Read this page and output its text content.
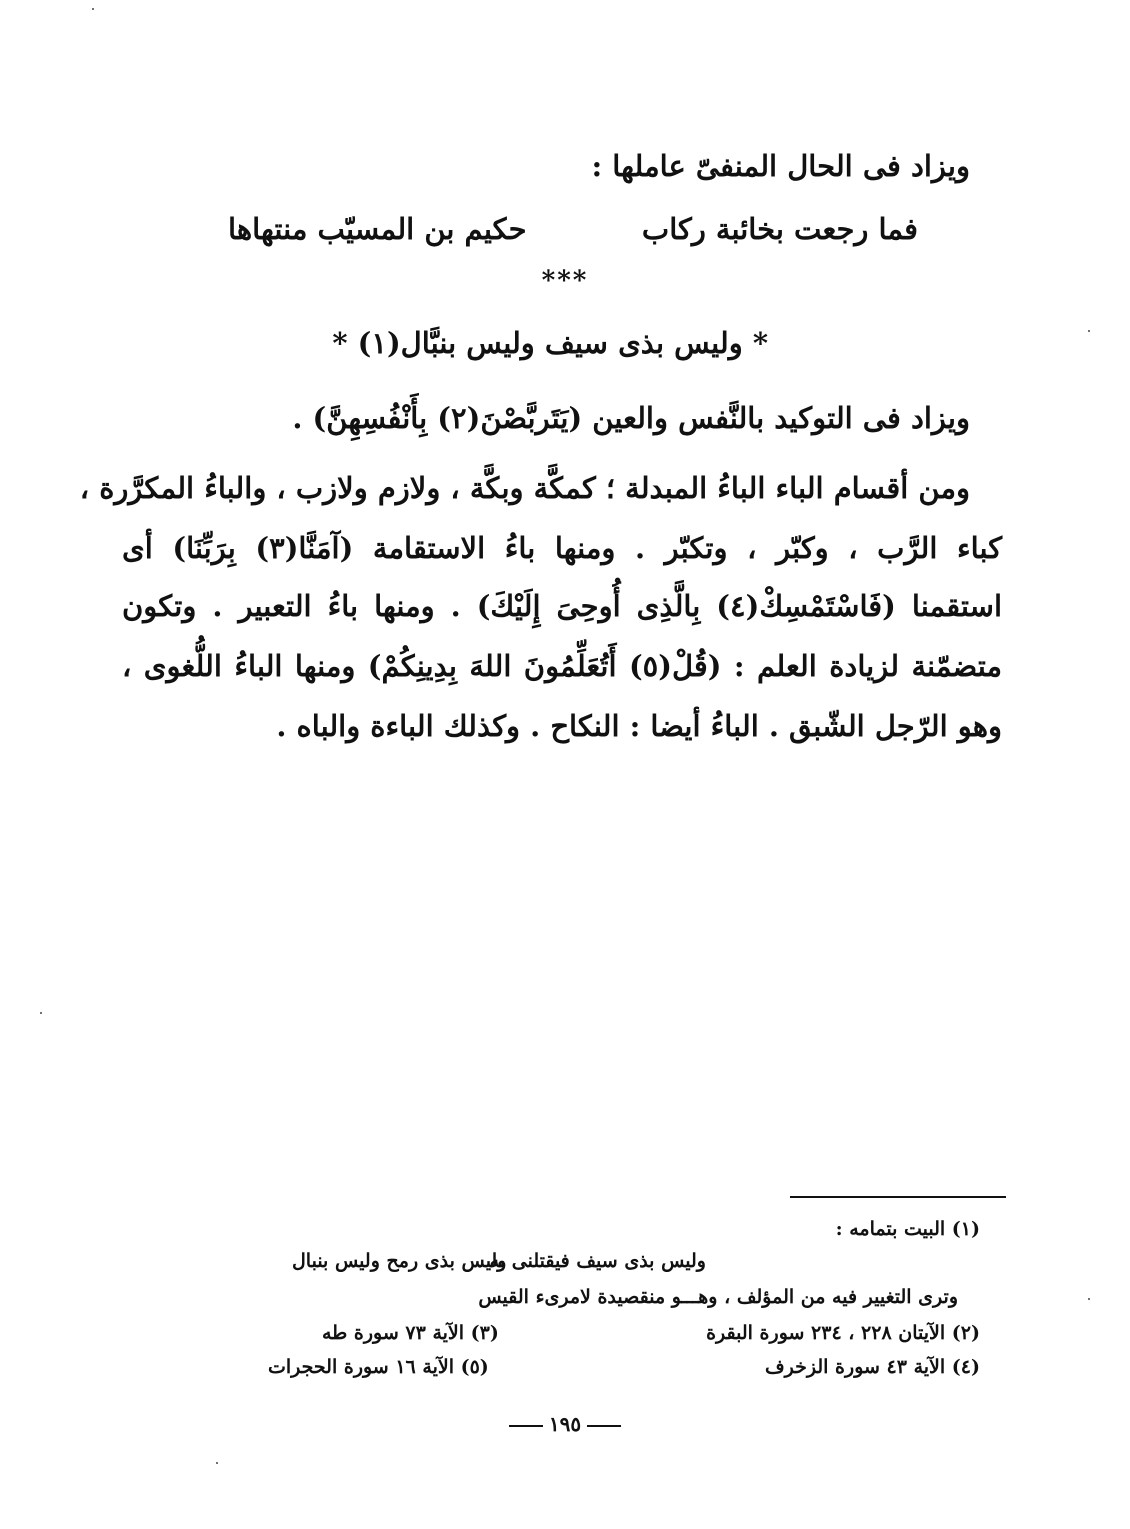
ويزاد فى الحال المنفىّ عاملها :
فما رجعت بخائبة ركاب
حكيم بن المسيّب منتهاها
***
* وليس بذى سيف وليس بنبَّال(١) *
ويزاد فى التوكيد بالنَّفس والعين (يَتَربَّصْنَ(٢) بِأَنْفُسِهِنَّ) .
ومن أقسام الباء الباءُ المبدلة ؛ كمكَّة وبكَّة ، ولازم ولازب ، والباءُ المكرَّرة ،
كباء الرَّب ، وكبّر ، وتكبّر . ومنها باءُ الاستقامة (آمَنَّا(٣) بِرَبِّنَا) أى
استقمنا (فَاسْتَمْسِكْ(٤) بِالَّذِى أُوحِىَ إِلَيْكَ) . ومنها باءُ التعبير . وتكون
متضمّنة لزيادة العلم : (قُلْ(٥) أَتُعَلِّمُونَ اللهَ بِدِينِكُمْ) ومنها الباءُ اللُّغوى ،
وهو الرّجل الشّبق . الباءُ أيضا : النكاح . وكذلك الباءة والباه .
(١) البيت بتمامه :
وليس بذى سيف فيقتلنى به
وليس بذى رمح وليس بنبال
وترى التغيير فيه من المؤلف ، وهـــو منقصيدة لامرىء القيس
(٢) الآيتان ٢٢٨ ، ٢٣٤ سورة البقرة
(٣) الآية ٧٣ سورة طه
(٤) الآية ٤٣ سورة الزخرف
(٥) الآية ١٦ سورة الحجرات
١٩٥
